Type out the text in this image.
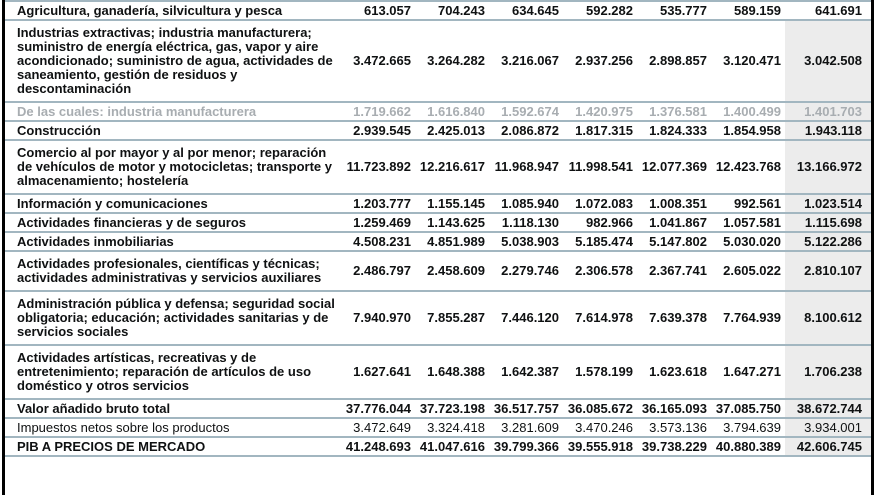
Agricultura, ganadería, silvicultura y pesca	613.057	704.243	634.645	592.282	535.777	589.159	641.691
Industrias extractivas; industria manufacturera; suministro de energía eléctrica, gas, vapor y aire acondicionado; suministro de agua, actividades de saneamiento, gestión de residuos y descontaminación	3.472.665	3.264.282	3.216.067	2.937.256	2.898.857	3.120.471	3.042.508
De las cuales: industria manufacturera	1.719.662	1.616.840	1.592.674	1.420.975	1.376.581	1.400.499	1.401.703
Construcción	2.939.545	2.425.013	2.086.872	1.817.315	1.824.333	1.854.958	1.943.118
Comercio al por mayor y al por menor; reparación de vehículos de motor y motocicletas; transporte y almacenamiento; hostelería	11.723.892	12.216.617	11.968.947	11.998.541	12.077.369	12.423.768	13.166.972
Información y comunicaciones	1.203.777	1.155.145	1.085.940	1.072.083	1.008.351	992.561	1.023.514
Actividades financieras y de seguros	1.259.469	1.143.625	1.118.130	982.966	1.041.867	1.057.581	1.115.698
Actividades inmobiliarias	4.508.231	4.851.989	5.038.903	5.185.474	5.147.802	5.030.020	5.122.286
Actividades profesionales, científicas y técnicas; actividades administrativas y servicios auxiliares	2.486.797	2.458.609	2.279.746	2.306.578	2.367.741	2.605.022	2.810.107
Administración pública y defensa; seguridad social obligatoria; educación; actividades sanitarias y de servicios sociales	7.940.970	7.855.287	7.446.120	7.614.978	7.639.378	7.764.939	8.100.612
Actividades artísticas, recreativas y de entretenimiento; reparación de artículos de uso doméstico y otros servicios	1.627.641	1.648.388	1.642.387	1.578.199	1.623.618	1.647.271	1.706.238
Valor añadido bruto total	37.776.044	37.723.198	36.517.757	36.085.672	36.165.093	37.085.750	38.672.744
Impuestos netos sobre los productos	3.472.649	3.324.418	3.281.609	3.470.246	3.573.136	3.794.639	3.934.001
PIB A PRECIOS DE MERCADO	41.248.693	41.047.616	39.799.366	39.555.918	39.738.229	40.880.389	42.606.745
